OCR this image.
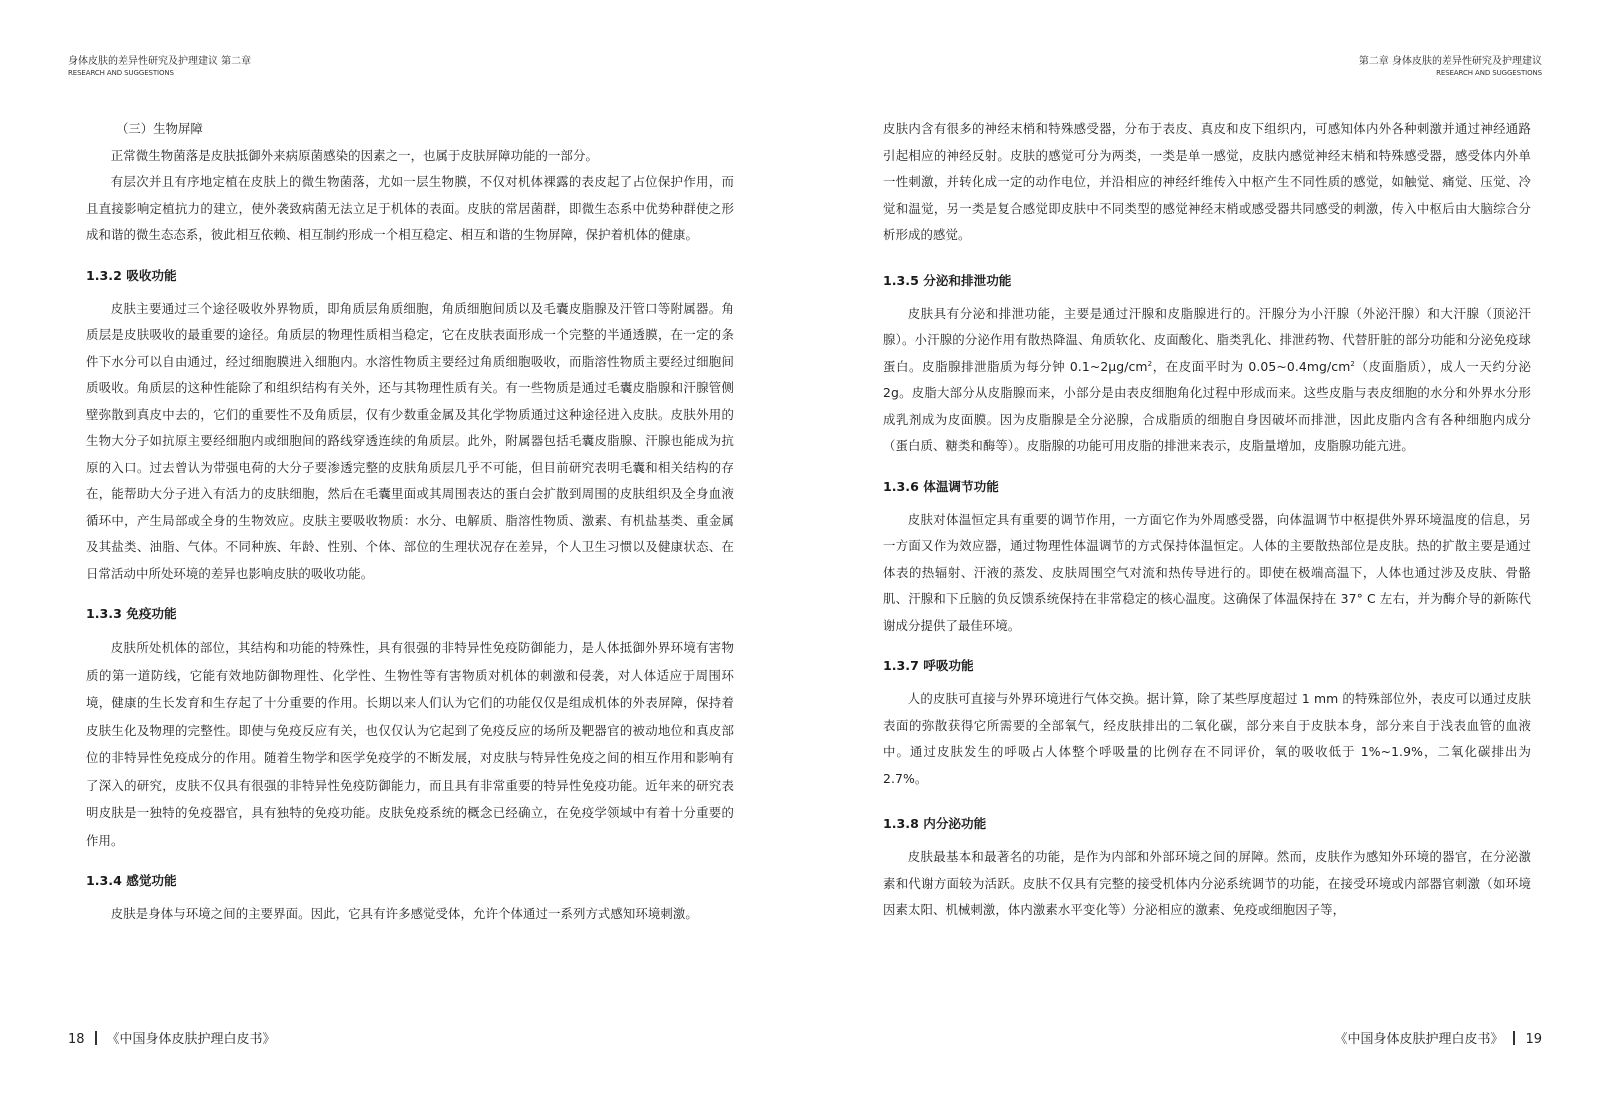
身体皮肤的差异性研究及护理建议 第二章
RESEARCH AND SUGGESTIONS

（三）生物屏障

正常微生物菌落是皮肤抵御外来病原菌感染的因素之一，也属于皮肤屏障功能的一部分。

有层次并且有序地定植在皮肤上的微生物菌落，尤如一层生物膜，不仅对机体裸露的表皮起了占位保护作用，而且直接影响定植抗力的建立，使外袭致病菌无法立足于机体的表面。皮肤的常居菌群，即微生态系中优势种群使之形成和谐的微生态态系，彼此相互依赖、相互制约形成一个相互稳定、相互和谐的生物屏障，保护着机体的健康。

1.3.2 吸收功能

皮肤主要通过三个途径吸收外界物质，即角质层角质细胞，角质细胞间质以及毛囊皮脂腺及汗管口等附属器。角质层是皮肤吸收的最重要的途径。角质层的物理性质相当稳定，它在皮肤表面形成一个完整的半通透膜，在一定的条件下水分可以自由通过，经过细胞膜进入细胞内。水溶性物质主要经过角质细胞吸收，而脂溶性物质主要经过细胞间质吸收。角质层的这种性能除了和组织结构有关外，还与其物理性质有关。有一些物质是通过毛囊皮脂腺和汗腺管侧壁弥散到真皮中去的，它们的重要性不及角质层，仅有少数重金属及其化学物质通过这种途径进入皮肤。皮肤外用的生物大分子如抗原主要经细胞内或细胞间的路线穿透连续的角质层。此外，附属器包括毛囊皮脂腺、汗腺也能成为抗原的入口。过去曾认为带强电荷的大分子要渗透完整的皮肤角质层几乎不可能，但目前研究表明毛囊和相关结构的存在，能帮助大分子进入有活力的皮肤细胞，然后在毛囊里面或其周围表达的蛋白会扩散到周围的皮肤组织及全身血液循环中，产生局部或全身的生物效应。皮肤主要吸收物质：水分、电解质、脂溶性物质、激素、有机盐基类、重金属及其盐类、油脂、气体。不同种族、年龄、性别、个体、部位的生理状况存在差异，个人卫生习惯以及健康状态、在日常活动中所处环境的差异也影响皮肤的吸收功能。

1.3.3 免疫功能

皮肤所处机体的部位，其结构和功能的特殊性，具有很强的非特异性免疫防御能力，是人体抵御外界环境有害物质的第一道防线，它能有效地防御物理性、化学性、生物性等有害物质对机体的刺激和侵袭，对人体适应于周围环境，健康的生长发育和生存起了十分重要的作用。长期以来人们认为它们的功能仅仅是组成机体的外表屏障，保持着皮肤生化及物理的完整性。即使与免疫反应有关，也仅仅认为它起到了免疫反应的场所及靶器官的被动地位和真皮部位的非特异性免疫成分的作用。随着生物学和医学免疫学的不断发展，对皮肤与特异性免疫之间的相互作用和影响有了深入的研究，皮肤不仅具有很强的非特异性免疫防御能力，而且具有非常重要的特异性免疫功能。近年来的研究表明皮肤是一独特的免疫器官，具有独特的免疫功能。皮肤免疫系统的概念已经确立，在免疫学领域中有着十分重要的作用。

1.3.4 感觉功能

皮肤是身体与环境之间的主要界面。因此，它具有许多感觉受体，允许个体通过一系列方式感知环境刺激。

18 《中国身体皮肤护理白皮书》
第二章 身体皮肤的差异性研究及护理建议
RESEARCH AND SUGGESTIONS

皮肤内含有很多的神经末梢和特殊感受器，分布于表皮、真皮和皮下组织内，可感知体内外各种刺激并通过神经通路引起相应的神经反射。皮肤的感觉可分为两类，一类是单一感觉，皮肤内感觉神经末梢和特殊感受器，感受体内外单一性刺激，并转化成一定的动作电位，并沿相应的神经纤维传入中枢产生不同性质的感觉，如触觉、痛觉、压觉、冷觉和温觉，另一类是复合感觉即皮肤中不同类型的感觉神经末梢或感受器共同感受的刺激，传入中枢后由大脑综合分析形成的感觉。

1.3.5 分泌和排泄功能

皮肤具有分泌和排泄功能，主要是通过汗腺和皮脂腺进行的。汗腺分为小汗腺（外泌汗腺）和大汗腺（顶泌汗腺）。小汗腺的分泌作用有散热降温、角质软化、皮面酸化、脂类乳化、排泄药物、代替肝脏的部分功能和分泌免疫球蛋白。皮脂腺排泄脂质为每分钟 $0.1\sim 2\mu g/cm^2$，在皮面平时为 $0.05\sim 0.4mg/cm^2$（皮面脂质），成人一天约分泌 2g。皮脂大部分从皮脂腺而来，小部分是由表皮细胞角化过程中形成而来。这些皮脂与表皮细胞的水分和外界水分形成乳剂成为皮面膜。因为皮脂腺是全分泌腺，合成脂质的细胞自身因破坏而排泄，因此皮脂内含有各种细胞内成分（蛋白质、糖类和酶等）。皮脂腺的功能可用皮脂的排泄来表示，皮脂量增加，皮脂腺功能亢进。

1.3.6 体温调节功能

皮肤对体温恒定具有重要的调节作用，一方面它作为外周感受器，向体温调节中枢提供外界环境温度的信息，另一方面又作为效应器，通过物理性体温调节的方式保持体温恒定。人体的主要散热部位是皮肤。热的扩散主要是通过体表的热辐射、汗液的蒸发、皮肤周围空气对流和热传导进行的。即使在极端高温下，人体也通过涉及皮肤、骨骼肌、汗腺和下丘脑的负反馈系统保持在非常稳定的核心温度。这确保了体温保持在 37° C 左右，并为酶介导的新陈代谢成分提供了最佳环境。

1.3.7 呼吸功能

人的皮肤可直接与外界环境进行气体交换。据计算，除了某些厚度超过 1 mm 的特殊部位外，表皮可以通过皮肤表面的弥散获得它所需要的全部氧气，经皮肤排出的二氧化碳，部分来自于皮肤本身，部分来自于浅表血管的血液中。通过皮肤发生的呼吸占人体整个呼吸量的比例存在不同评价，氧的吸收低于 1%~1.9%，二氧化碳排出为 2.7%。

1.3.8 内分泌功能

皮肤最基本和最著名的功能，是作为内部和外部环境之间的屏障。然而，皮肤作为感知外环境的器官，在分泌激素和代谢方面较为活跃。皮肤不仅具有完整的接受机体内分泌系统调节的功能，在接受环境或内部器官刺激（如环境因素太阳、机械刺激，体内激素水平变化等）分泌相应的激素、免疫或细胞因子等，

《中国身体皮肤护理白皮书》 19
